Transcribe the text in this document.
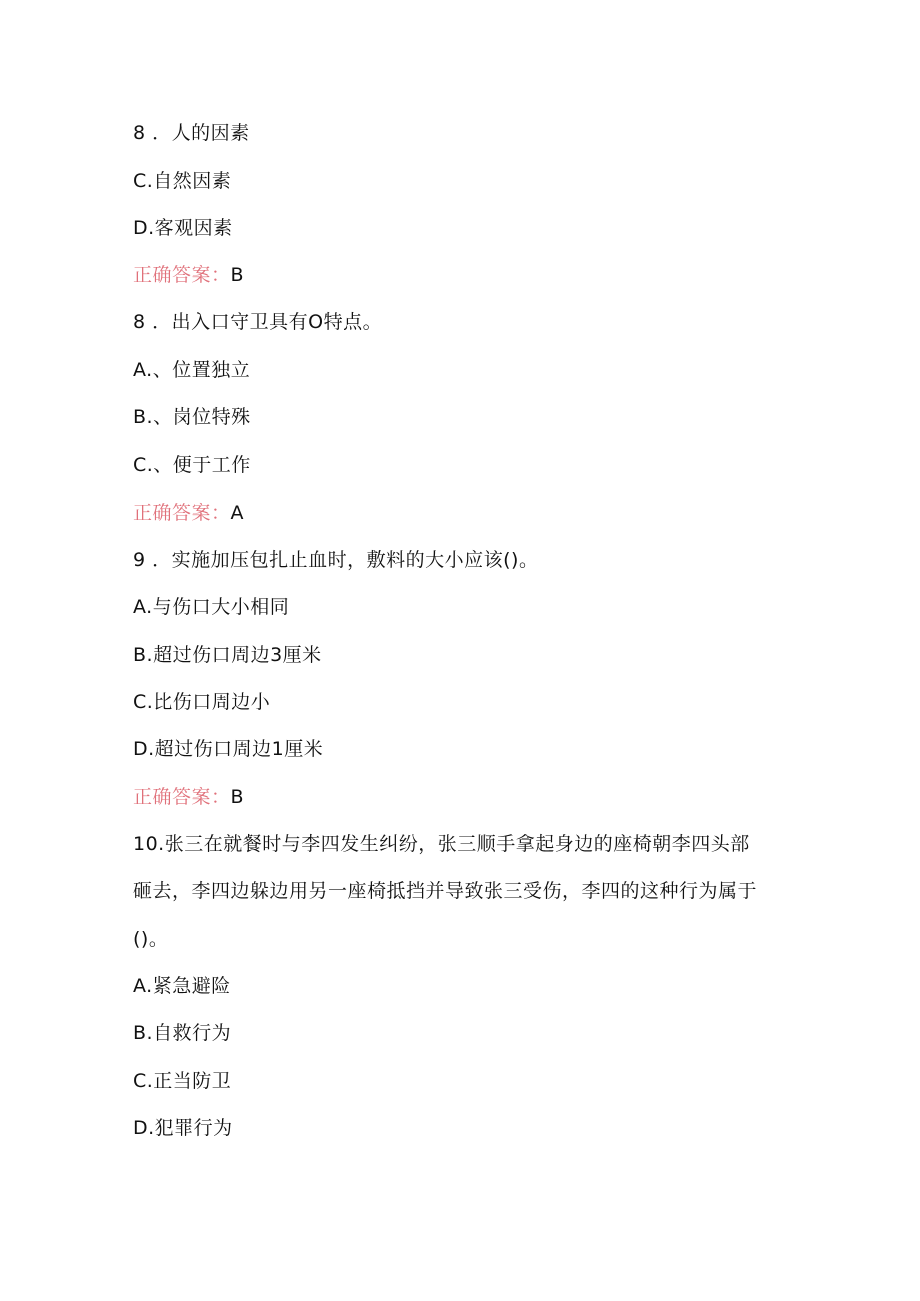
8 ．人的因素
C.自然因素
D.客观因素
正确答案：B
8 ．出入口守卫具有O特点。
A.、位置独立
B.、岗位特殊
C.、便于工作
正确答案：A
9 ．实施加压包扎止血时，敷料的大小应该()。
A.与伤口大小相同
B.超过伤口周边3厘米
C.比伤口周边小
D.超过伤口周边1厘米
正确答案：B
10.张三在就餐时与李四发生纠纷，张三顺手拿起身边的座椅朝李四头部
砸去，李四边躲边用另一座椅抵挡并导致张三受伤，李四的这种行为属于
()。
A.紧急避险
B.自救行为
C.正当防卫
D.犯罪行为
